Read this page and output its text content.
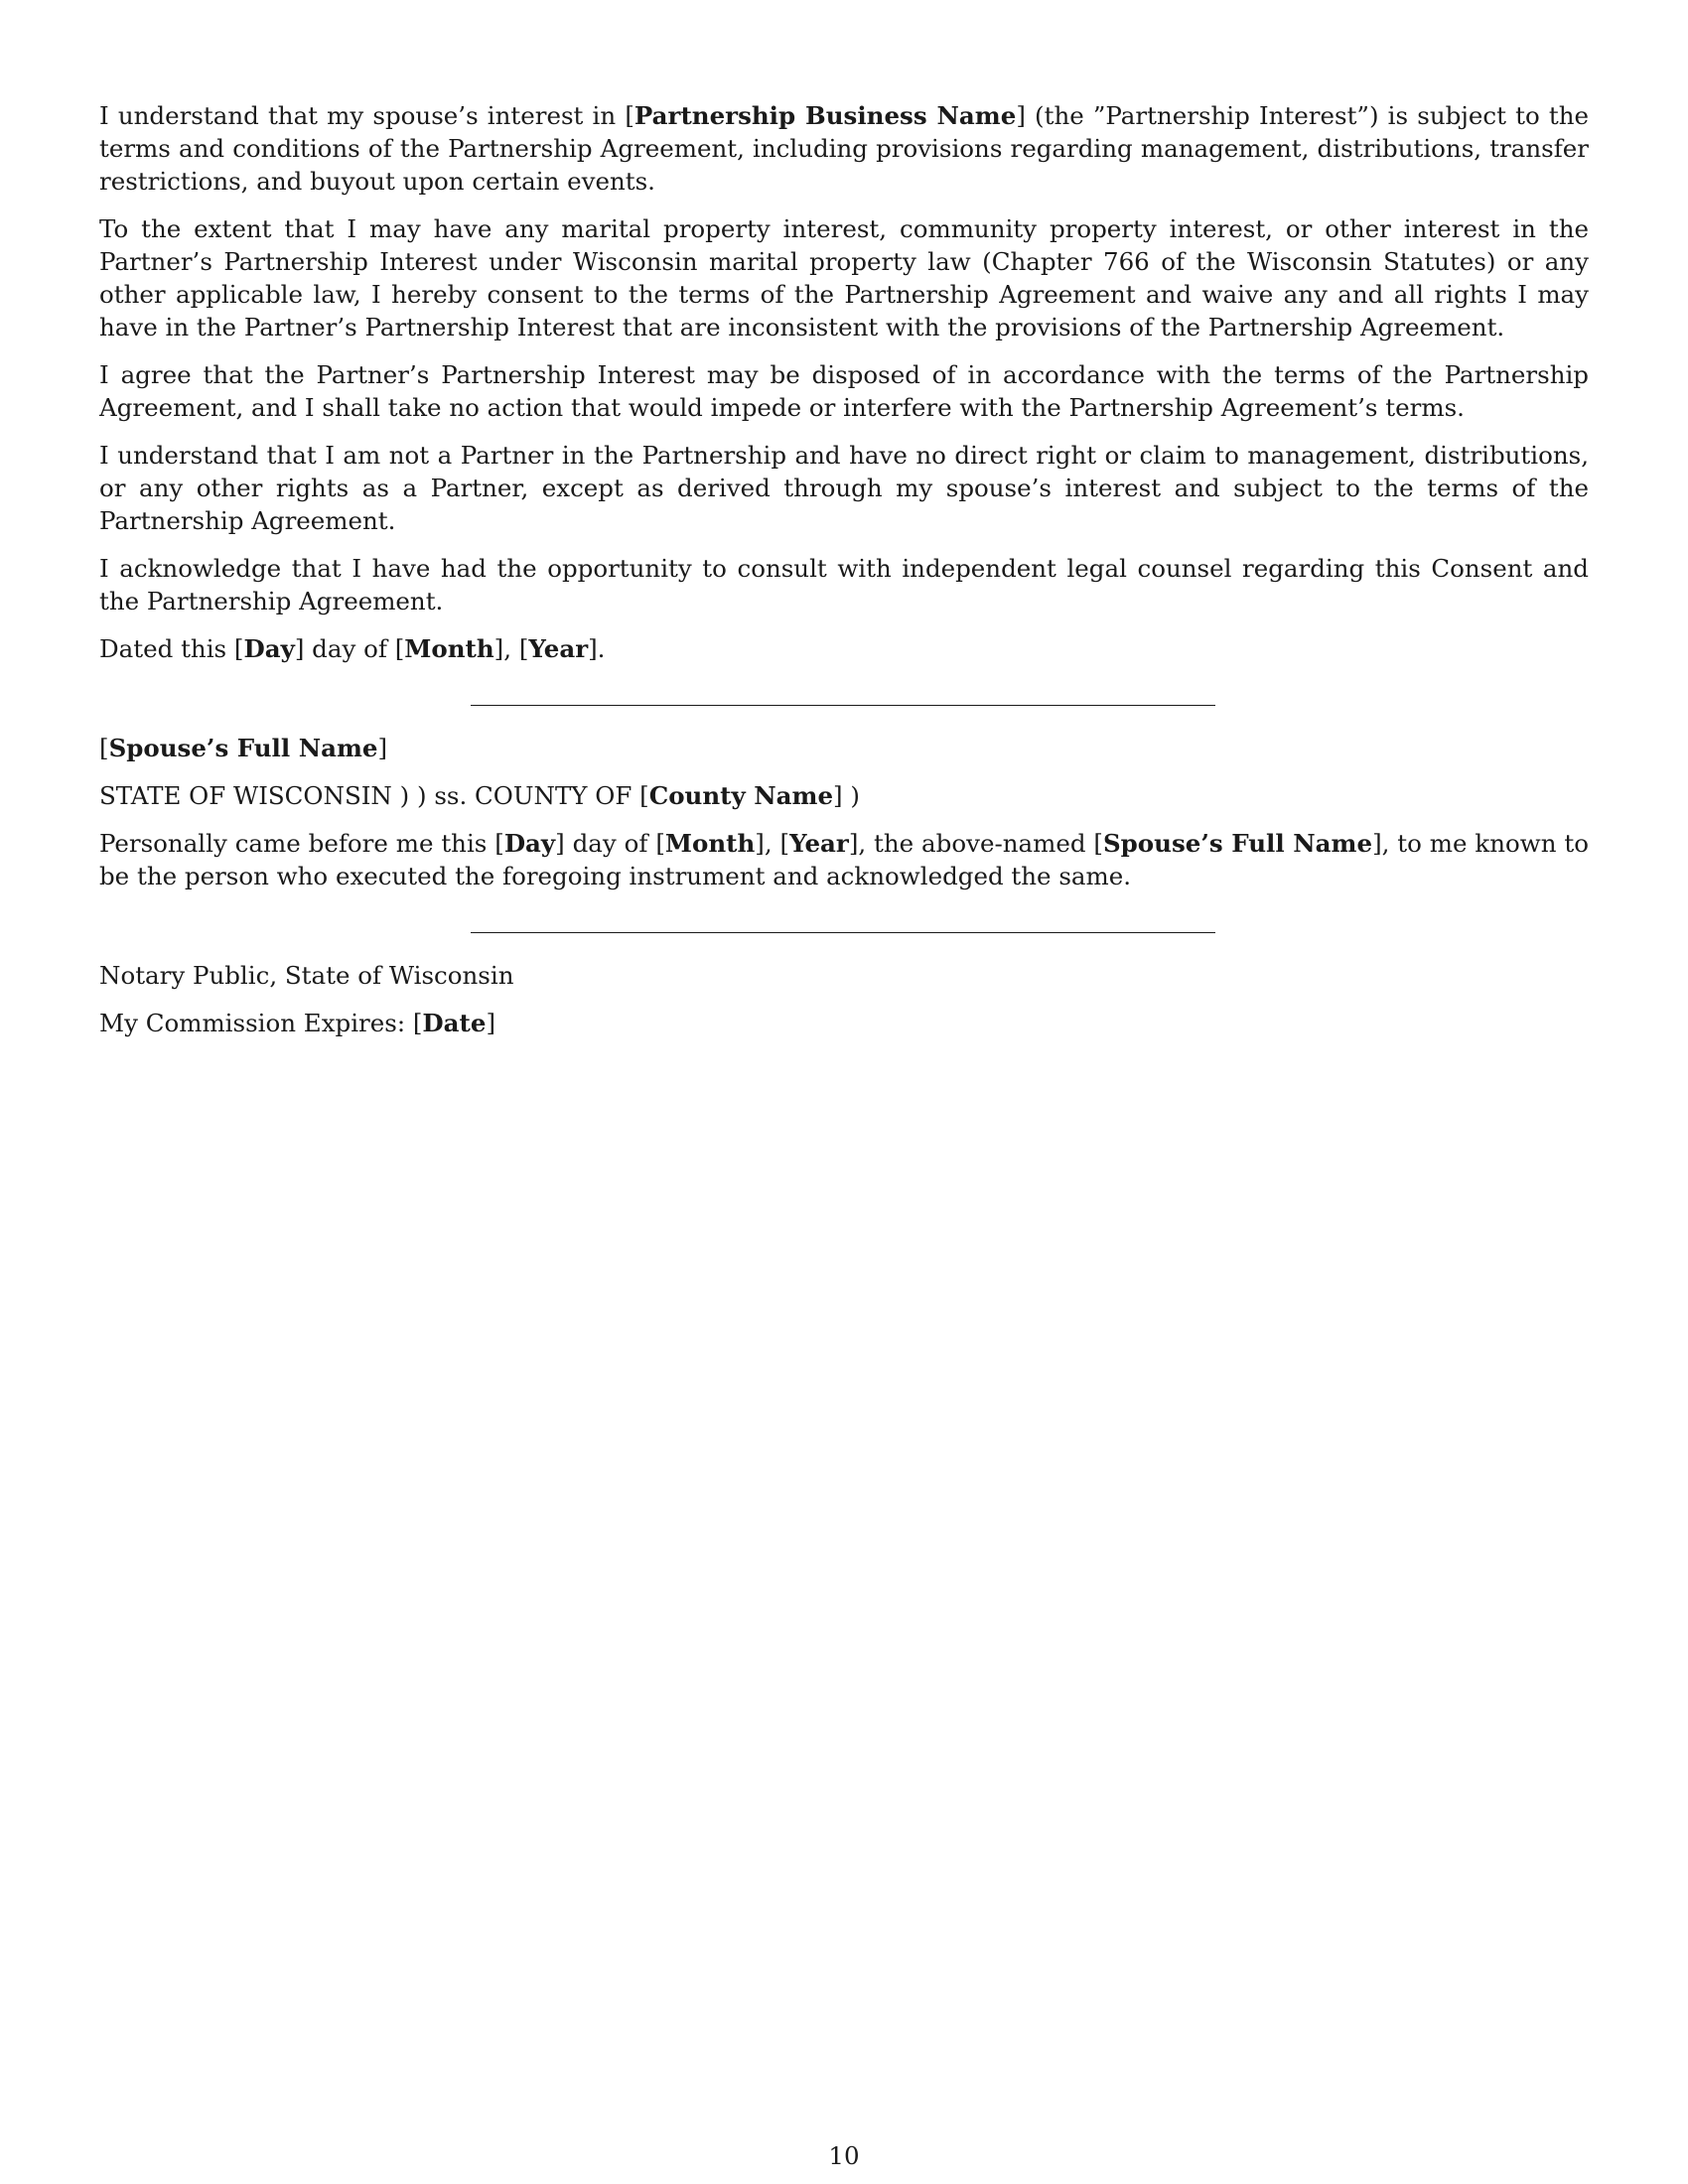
I understand that my spouse’s interest in [Partnership Business Name] (the ”Partnership Interest”) is subject to the terms and conditions of the Partnership Agreement, including provisions regarding management, distributions, transfer restrictions, and buyout upon certain events.

To the extent that I may have any marital property interest, community property interest, or other interest in the Partner’s Partnership Interest under Wisconsin marital property law (Chapter 766 of the Wisconsin Statutes) or any other applicable law, I hereby consent to the terms of the Partnership Agreement and waive any and all rights I may have in the Partner’s Partnership Interest that are inconsistent with the provisions of the Partnership Agreement.

I agree that the Partner’s Partnership Interest may be disposed of in accordance with the terms of the Partnership Agreement, and I shall take no action that would impede or interfere with the Partnership Agreement’s terms.

I understand that I am not a Partner in the Partnership and have no direct right or claim to management, distributions, or any other rights as a Partner, except as derived through my spouse’s interest and subject to the terms of the Partnership Agreement.

I acknowledge that I have had the opportunity to consult with independent legal counsel regarding this Consent and the Partnership Agreement.

Dated this [Day] day of [Month], [Year].

[Spouse’s Full Name]

STATE OF WISCONSIN ) ) ss. COUNTY OF [County Name] )

Personally came before me this [Day] day of [Month], [Year], the above-named [Spouse’s Full Name], to me known to be the person who executed the foregoing instrument and acknowledged the same.

Notary Public, State of Wisconsin

My Commission Expires: [Date]

10
